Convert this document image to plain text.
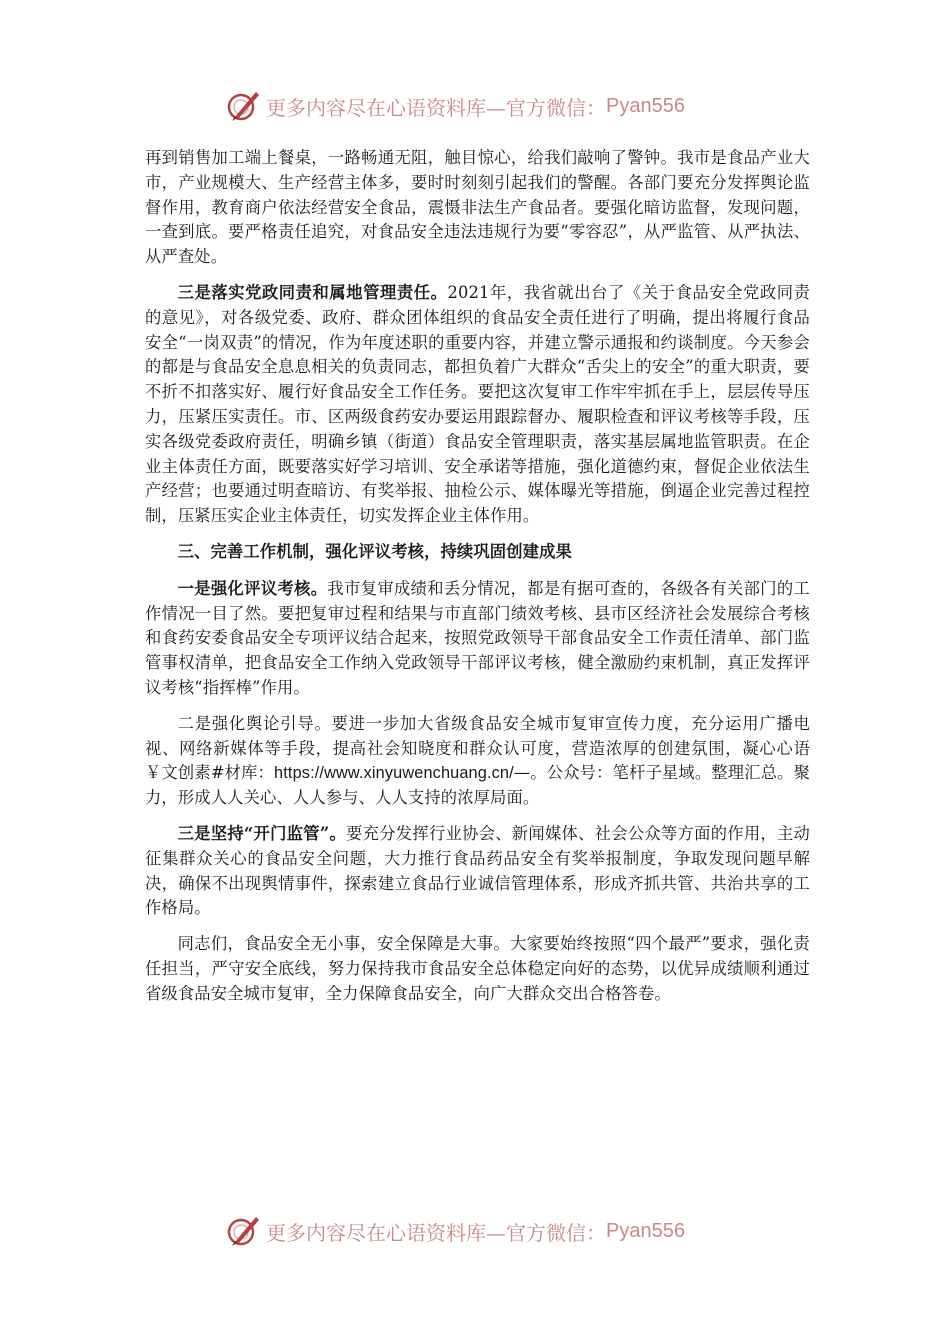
更多内容尽在心语资料库—官方微信： Pyan556

再到销售加工端上餐桌，一路畅通无阻，触目惊心，给我们敲响了警钟。我市是食品产业大市，产业规模大、生产经营主体多，要时时刻刻引起我们的警醒。各部门要充分发挥舆论监督作用，教育商户依法经营安全食品，震慑非法生产食品者。要强化暗访监督，发现问题，一查到底。要严格责任追究，对食品安全违法违规行为要“零容忍”，从严监管、从严执法、从严查处。

三是落实党政同责和属地管理责任。2021年，我省就出台了《关于食品安全党政同责的意见》，对各级党委、政府、群众团体组织的食品安全责任进行了明确，提出将履行食品安全“一岗双责”的情况，作为年度述职的重要内容，并建立警示通报和约谈制度。今天参会的都是与食品安全息息相关的负责同志，都担负着广大群众“舌尖上的安全”的重大职责，要不折不扣落实好、履行好食品安全工作任务。要把这次复审工作牢牢抓在手上，层层传导压力，压紧压实责任。市、区两级食药安办要运用跟踪督办、履职检查和评议考核等手段，压实各级党委政府责任，明确乡镇（街道）食品安全管理职责，落实基层属地监管职责。在企业主体责任方面，既要落实好学习培训、安全承诺等措施，强化道德约束，督促企业依法生产经营；也要通过明查暗访、有奖举报、抽检公示、媒体曝光等措施，倒逼企业完善过程控制，压紧压实企业主体责任，切实发挥企业主体作用。

三、完善工作机制，强化评议考核，持续巩固创建成果

一是强化评议考核。我市复审成绩和丢分情况，都是有据可查的，各级各有关部门的工作情况一目了然。要把复审过程和结果与市直部门绩效考核、县市区经济社会发展综合考核和食药安委食品安全专项评议结合起来，按照党政领导干部食品安全工作责任清单、部门监管事权清单，把食品安全工作纳入党政领导干部评议考核，健全激励约束机制，真正发挥评议考核“指挥棒”作用。

二是强化舆论引导。要进一步加大省级食品安全城市复审宣传力度，充分运用广播电视、网络新媒体等手段，提高社会知晓度和群众认可度，营造浓厚的创建氛围，凝心心语￥文创素#材库：https://www.xinyuwenchuang.cn/—。公众号：笔杆子星域。整理汇总。聚力，形成人人关心、人人参与、人人支持的浓厚局面。

三是坚持“开门监管”。要充分发挥行业协会、新闻媒体、社会公众等方面的作用，主动征集群众关心的食品安全问题，大力推行食品药品安全有奖举报制度，争取发现问题早解决，确保不出现舆情事件，探索建立食品行业诚信管理体系，形成齐抓共管、共治共享的工作格局。

同志们，食品安全无小事，安全保障是大事。大家要始终按照“四个最严”要求，强化责任担当，严守安全底线，努力保持我市食品安全总体稳定向好的态势，以优异成绩顺利通过省级食品安全城市复审，全力保障食品安全，向广大群众交出合格答卷。

更多内容尽在心语资料库—官方微信： Pyan556
